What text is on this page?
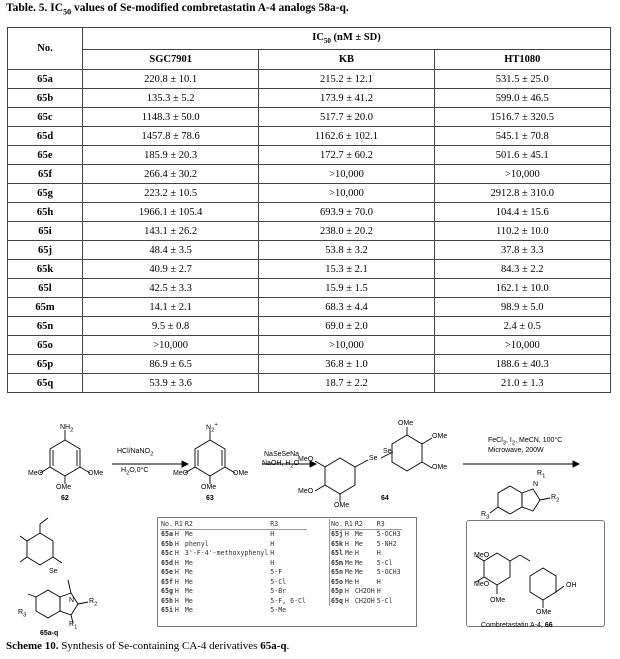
Table. 5. $IC_{50}$ values of Se-modified combretastatin A-4 analogs 58a-q.
No.	$IC_{50}$ (nM ± SD)		
	SGC7901	KB	HT1080
65a	220.8 ± 10.1	215.2 ± 12.1	531.5 ± 25.0
65b	135.3 ± 5.2	173.9 ± 41.2	599.0 ± 46.5
65c	1148.3 ± 50.0	517.7 ± 20.0	1516.7 ± 320.5
65d	1457.8 ± 78.6	1162.6 ± 102.1	545.1 ± 70.8
65e	185.9 ± 20.3	172.7 ± 60.2	501.6 ± 45.1
65f	266.4 ± 30.2	>10,000	>10,000
65g	223.2 ± 10.5	>10,000	2912.8 ± 310.0
65h	1966.1 ± 105.4	693.9 ± 70.0	104.4 ± 15.6
65i	143.1 ± 26.2	238.0 ± 20.2	110.2 ± 10.0
65j	48.4 ± 3.5	53.8 ± 3.2	37.8 ± 3.3
65k	40.9 ± 2.7	15.3 ± 2.1	84.3 ± 2.2
65l	42.5 ± 3.3	15.9 ± 1.5	162.1 ± 10.0
65m	14.1 ± 2.1	68.3 ± 4.4	98.9 ± 5.0
65n	9.5 ± 0.8	69.0 ± 2.0	2.4 ± 0.5
65o	>10,000	>10,000	>10,000
65p	86.9 ± 6.5	36.8 ± 1.0	188.6 ± 40.3
65q	53.9 ± 3.6	18.7 ± 2.2	21.0 ± 1.3
$NH_2$
MeO	OMe
OMe
62
HCl/NaNO$_2$
$H_2O,0^\circ C$
$N_2^+$
MeO	OMe
OMe
63
NaSeSeNa
NaOH, $H_2O$
Se
Se
OMe
OMe
OMe
MeO
MeO
OMe
64
FeCl$_3$, $I_2$, MeCN, 100°C
Microwave, 200W
N
$R_1$
$R_2$
$R_3$
Se
$R_3$
N $R_2$
$R_1$
65a-q
No.	R1	R2	R3
65a	H	Me	H
65b	H	phenyl	H
65c	H	3'-F-4'-methoxyphenyl	H
65d	H	Me	H
65e	H	Me	5-F
65f	H	Me	5-Cl
65g	H	Me	5-Br
65h	H	Me	5-F, 6-Cl
65i	H	Me	5-Me
No.	R1	R2	R3
65j	H	Me	5-OCH3
65k	H	Me	5-NH2
65l	Me	H	H
65m	Me	Me	5-Cl
65n	Me	Me	5-OCH3
65o	Me	H	H
65p	H	CH2OH	H
65q	H	CH2OH	5-Cl
MeO
MeO
OMe
OH
OMe
Combretastatin A-4, 66
Scheme 10. Synthesis of Se-containing CA-4 derivatives 65a-q.
